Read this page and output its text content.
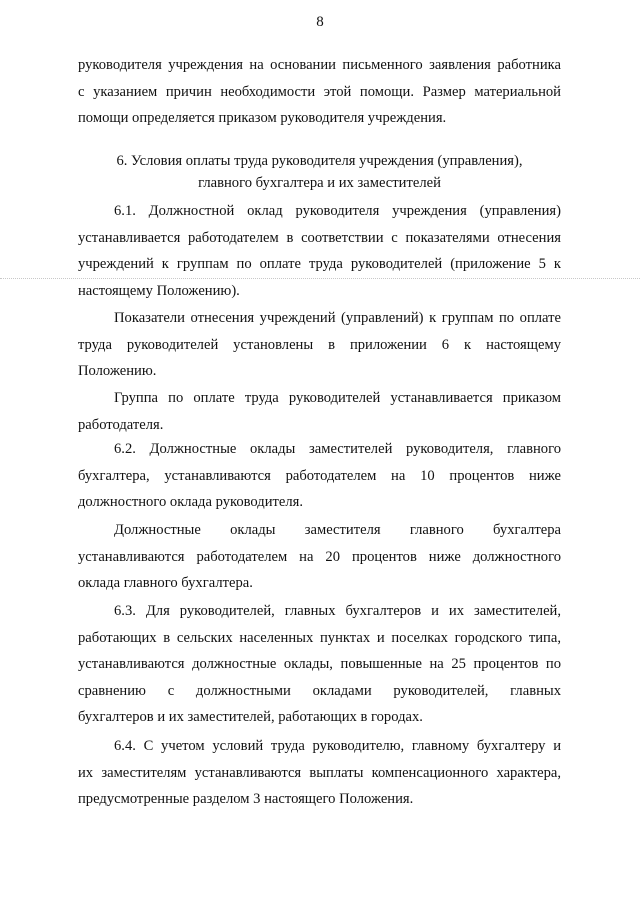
8
руководителя учреждения на основании письменного заявления работника
с указанием причин необходимости этой помощи. Размер материальной
помощи определяется приказом руководителя учреждения.
6. Условия оплаты труда руководителя учреждения (управления),
главного бухгалтера и их заместителей
6.1. Должностной оклад руководителя учреждения (управления)
устанавливается работодателем в соответствии с показателями отнесения
учреждений к группам по оплате труда руководителей (приложение 5 к
настоящему Положению).
Показатели отнесения учреждений (управлений) к группам по оплате
труда руководителей установлены в приложении 6 к настоящему
Положению.
Группа по оплате труда руководителей устанавливается приказом
работодателя.
6.2. Должностные оклады заместителей руководителя, главного
бухгалтера, устанавливаются работодателем на 10 процентов ниже
должностного оклада руководителя.
Должностные оклады заместителя главного бухгалтера
устанавливаются работодателем на 20 процентов ниже должностного
оклада главного бухгалтера.
6.3. Для руководителей, главных бухгалтеров и их заместителей,
работающих в сельских населенных пунктах и поселках городского типа,
устанавливаются должностные оклады, повышенные на 25 процентов по
сравнению с должностными окладами руководителей, главных
бухгалтеров и их заместителей, работающих в городах.
6.4. С учетом условий труда руководителю, главному бухгалтеру и
их заместителям устанавливаются выплаты компенсационного характера,
предусмотренные разделом 3 настоящего Положения.
